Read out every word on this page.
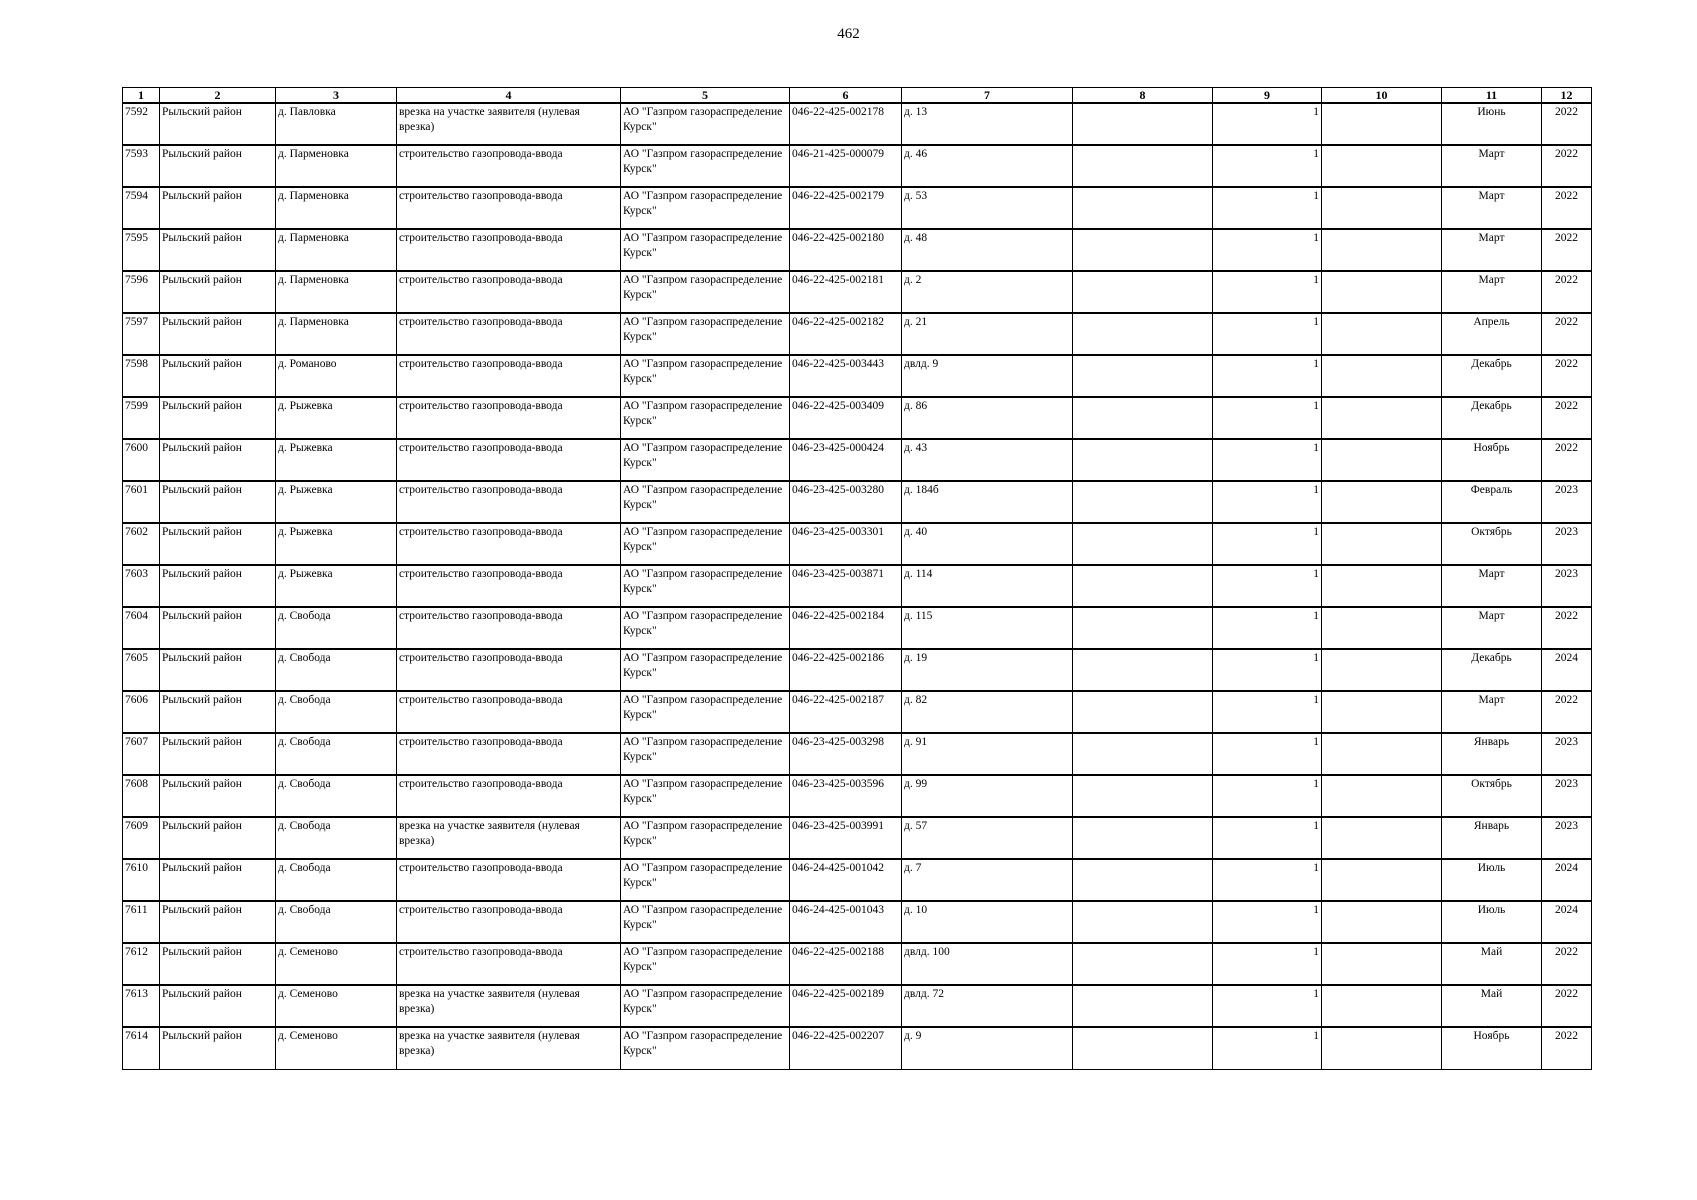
462
1	2	3	4	5	6	7	8	9	10	11	12
7592	Рыльский район	д. Павловка	врезка на участке заявителя (нулевая врезка)	АО "Газпром газораспределение Курск"	046-22-425-002178	д. 13		1		Июнь	2022
7593	Рыльский район	д. Парменовка	строительство газопровода-ввода	АО "Газпром газораспределение Курск"	046-21-425-000079	д. 46		1		Март	2022
7594	Рыльский район	д. Парменовка	строительство газопровода-ввода	АО "Газпром газораспределение Курск"	046-22-425-002179	д. 53		1		Март	2022
7595	Рыльский район	д. Парменовка	строительство газопровода-ввода	АО "Газпром газораспределение Курск"	046-22-425-002180	д. 48		1		Март	2022
7596	Рыльский район	д. Парменовка	строительство газопровода-ввода	АО "Газпром газораспределение Курск"	046-22-425-002181	д. 2		1		Март	2022
7597	Рыльский район	д. Парменовка	строительство газопровода-ввода	АО "Газпром газораспределение Курск"	046-22-425-002182	д. 21		1		Апрель	2022
7598	Рыльский район	д. Романово	строительство газопровода-ввода	АО "Газпром газораспределение Курск"	046-22-425-003443	двлд. 9		1		Декабрь	2022
7599	Рыльский район	д. Рыжевка	строительство газопровода-ввода	АО "Газпром газораспределение Курск"	046-22-425-003409	д. 86		1		Декабрь	2022
7600	Рыльский район	д. Рыжевка	строительство газопровода-ввода	АО "Газпром газораспределение Курск"	046-23-425-000424	д. 43		1		Ноябрь	2022
7601	Рыльский район	д. Рыжевка	строительство газопровода-ввода	АО "Газпром газораспределение Курск"	046-23-425-003280	д. 184б		1		Февраль	2023
7602	Рыльский район	д. Рыжевка	строительство газопровода-ввода	АО "Газпром газораспределение Курск"	046-23-425-003301	д. 40		1		Октябрь	2023
7603	Рыльский район	д. Рыжевка	строительство газопровода-ввода	АО "Газпром газораспределение Курск"	046-23-425-003871	д. 114		1		Март	2023
7604	Рыльский район	д. Свобода	строительство газопровода-ввода	АО "Газпром газораспределение Курск"	046-22-425-002184	д. 115		1		Март	2022
7605	Рыльский район	д. Свобода	строительство газопровода-ввода	АО "Газпром газораспределение Курск"	046-22-425-002186	д. 19		1		Декабрь	2024
7606	Рыльский район	д. Свобода	строительство газопровода-ввода	АО "Газпром газораспределение Курск"	046-22-425-002187	д. 82		1		Март	2022
7607	Рыльский район	д. Свобода	строительство газопровода-ввода	АО "Газпром газораспределение Курск"	046-23-425-003298	д. 91		1		Январь	2023
7608	Рыльский район	д. Свобода	строительство газопровода-ввода	АО "Газпром газораспределение Курск"	046-23-425-003596	д. 99		1		Октябрь	2023
7609	Рыльский район	д. Свобода	врезка на участке заявителя (нулевая врезка)	АО "Газпром газораспределение Курск"	046-23-425-003991	д. 57		1		Январь	2023
7610	Рыльский район	д. Свобода	строительство газопровода-ввода	АО "Газпром газораспределение Курск"	046-24-425-001042	д. 7		1		Июль	2024
7611	Рыльский район	д. Свобода	строительство газопровода-ввода	АО "Газпром газораспределение Курск"	046-24-425-001043	д. 10		1		Июль	2024
7612	Рыльский район	д. Семеново	строительство газопровода-ввода	АО "Газпром газораспределение Курск"	046-22-425-002188	двлд. 100		1		Май	2022
7613	Рыльский район	д. Семеново	врезка на участке заявителя (нулевая врезка)	АО "Газпром газораспределение Курск"	046-22-425-002189	двлд. 72		1		Май	2022
7614	Рыльский район	д. Семеново	врезка на участке заявителя (нулевая врезка)	АО "Газпром газораспределение Курск"	046-22-425-002207	д. 9		1		Ноябрь	2022
